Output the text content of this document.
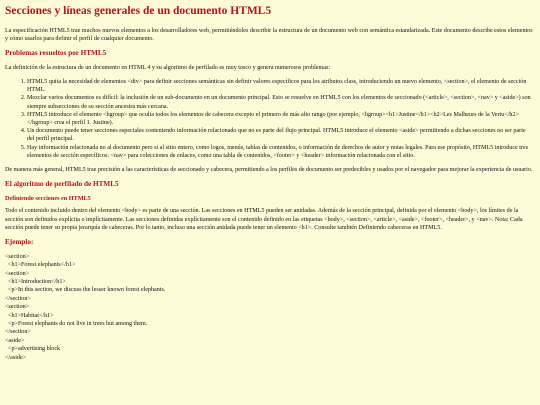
Secciones y líneas generales de un documento HTML5

La especificación HTML5 trae muchos nuevos elementos a los desarrolladores web, permitiéndoles describir la estructura de un documento web con semántica estandarizada. Este documento describe estos elementos y cómo usarlos para definir el perfil de cualquier documento.

Problemas resueltos por HTML5

La definición de la estructura de un documento en HTML 4 y su algoritmo de perfilado es muy tosco y genera numerosos problemas:

1. HTML5 quita la necesidad de elementos <div> para definir secciones semánticas sin definir valores específicos para los atributos class, introduciendo un nuevo elemento, <section>, el elemento de sección HTML.
2. Mezclar varios documentos es difícil: la inclusión de un sub-documento en un documento principal. Esto se resuelve en HTML5 con los elementos de seccionado (<article>, <section>, <nav> y <aside>) son siempre subsecciones de su sección ancestra más cercana.
3. HTML5 introduce el elemento <hgroup> que oculta todos los elementos de cabecera excepto el primero de más alto rango (por ejemplo, <hgroup><h1>Justine</h1><h2>Les Malheurs de la Vertu</h2></hgroup> crea el perfil 1. Justine).
4. Un documento puede tener secciones especiales conteniendo información relacionado que no es parte del flujo principal. HTML5 introduce el elemento <aside> permitiendo a dichas secciones no ser parte del perfil principal.
5. Hay información relacionada no al documento pero si al sitio entero, como logos, menús, tablas de contenidos, o información de derechos de autor y notas legales. Para ese propósito, HTML5 introduce tres elementos de sección específicos: <nav> para colecciones de enlaces, como una tabla de contenidos, <footer> y <header> información relacionada con el sitio.

De manera más general, HTML5 trae precisión a las características de seccionado y cabecera, permitiendo a los perfiles de documento ser predecibles y usados por el navegador para mejorar la experiencia de usuario.

El algoritmo de perfilado de HTML5
Definiendo secciones en HTML5

Todo el contenido incluido dentro del elemento <body> es parte de una sección. Las secciones en HTML5 pueden ser anidadas. Además de la sección principal, definida por el elemento <body>, los límites de la sección son definidos explícita o implícitamente. Las secciones definidas explícitamente son el contenido definido en las etiquetas <body>, <section>, <article>, <aside>, <footer>, <header>, y <nav>. Nota: Cada sección puede tener su propia jerarquía de cabeceras. Por lo tanto, incluso una sección anidada puede tener un elemento <h1>. Consulte también Definiendo cabeceras en HTML5.

Ejemplo:
<section>
<h1>Forest elephants</h1>
<section>
<h1>Introduction</h1>
<p>In this section, we discuss the lesser known forest elephants.
</section>
<section>
<h1>Habitat</h1>
<p>Forest elephants do not live in trees but among them.
</section>
<aside>
<p>advertising block
</aside>
